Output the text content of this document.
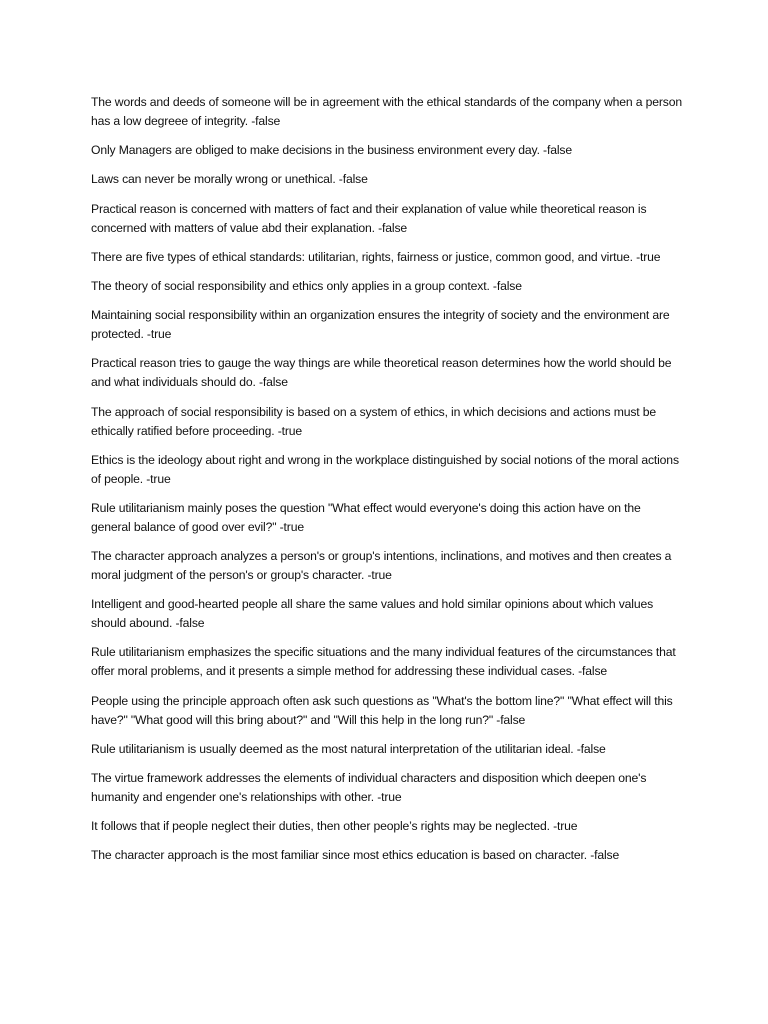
The words and deeds of someone will be in agreement with the ethical standards of the company when a person has a low degreee of integrity. -false

Only Managers are obliged to make decisions in the business environment every day. -false

Laws can never be morally wrong or unethical. -false

Practical reason is concerned with matters of fact and their explanation of value while theoretical reason is concerned with matters of value abd their explanation. -false

There are five types of ethical standards: utilitarian, rights, fairness or justice, common good, and virtue. -true

The theory of social responsibility and ethics only applies in a group context. -false

Maintaining social responsibility within an organization ensures the integrity of society and the environment are protected. -true

Practical reason tries to gauge the way things are while theoretical reason determines how the world should be and what individuals should do. -false

The approach of social responsibility is based on a system of ethics, in which decisions and actions must be ethically ratified before proceeding. -true

Ethics is the ideology about right and wrong in the workplace distinguished by social notions of the moral actions of people. -true

Rule utilitarianism mainly poses the question "What effect would everyone's doing this action have on the general balance of good over evil?" -true

The character approach analyzes a person's or group's intentions, inclinations, and motives and then creates a moral judgment of the person's or group's character. -true

Intelligent and good-hearted people all share the same values and hold similar opinions about which values should abound. -false

Rule utilitarianism emphasizes the specific situations and the many individual features of the circumstances that offer moral problems, and it presents a simple method for addressing these individual cases. -false

People using the principle approach often ask such questions as "What's the bottom line?" "What effect will this have?" "What good will this bring about?" and "Will this help in the long run?" -false

Rule utilitarianism is usually deemed as the most natural interpretation of the utilitarian ideal. -false

The virtue framework addresses the elements of individual characters and disposition which deepen one's humanity and engender one's relationships with other. -true

It follows that if people neglect their duties, then other people’s rights may be neglected. -true

The character approach is the most familiar since most ethics education is based on character. -false
